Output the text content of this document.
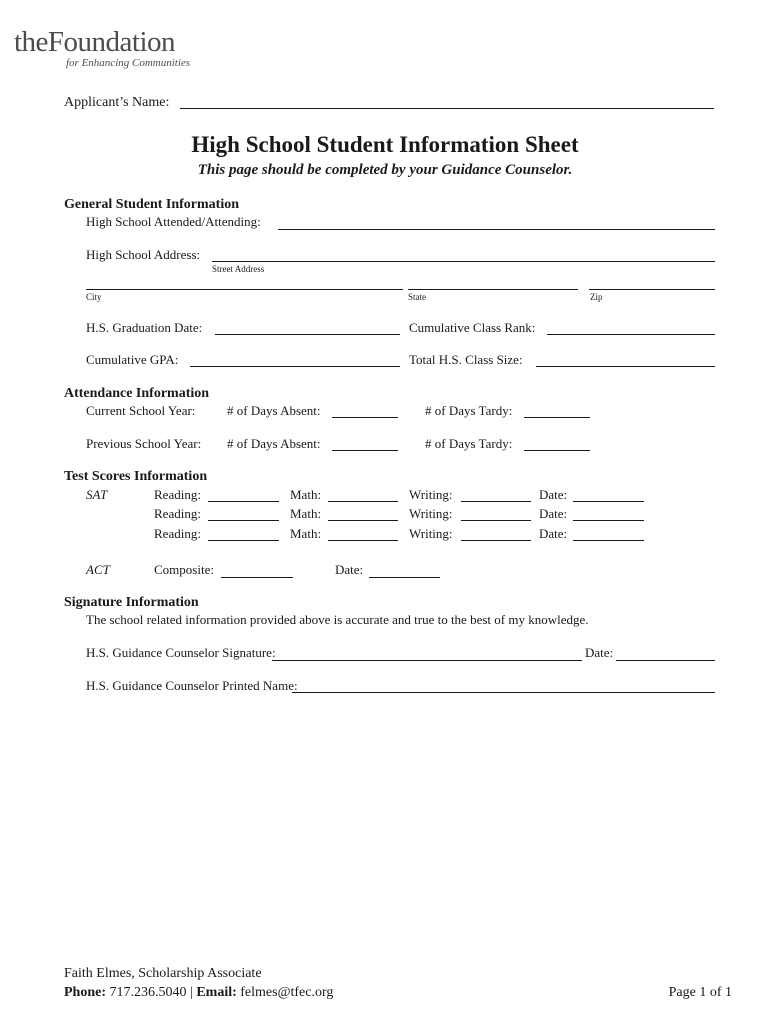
theFoundation
for Enhancing Communities
Applicant’s Name:
High School Student Information Sheet
This page should be completed by your Guidance Counselor.
General Student Information
High School Attended/Attending:
High School Address:
Street Address
City	State	Zip
H.S. Graduation Date:	Cumulative Class Rank:
Cumulative GPA:	Total H.S. Class Size:
Attendance Information
Current School Year: # of Days Absent:	# of Days Tardy:
Previous School Year: # of Days Absent:	# of Days Tardy:
Test Scores Information
SAT	Reading:	Math:	Writing:	Date:
Reading:	Math:	Writing:	Date:
Reading:	Math:	Writing:	Date:
ACT	Composite:	Date:
Signature Information
The school related information provided above is accurate and true to the best of my knowledge.
H.S. Guidance Counselor Signature:	Date:
H.S. Guidance Counselor Printed Name:
Faith Elmes, Scholarship Associate
Phone: 717.236.5040 | Email: felmes@tfec.org	Page 1 of 1
